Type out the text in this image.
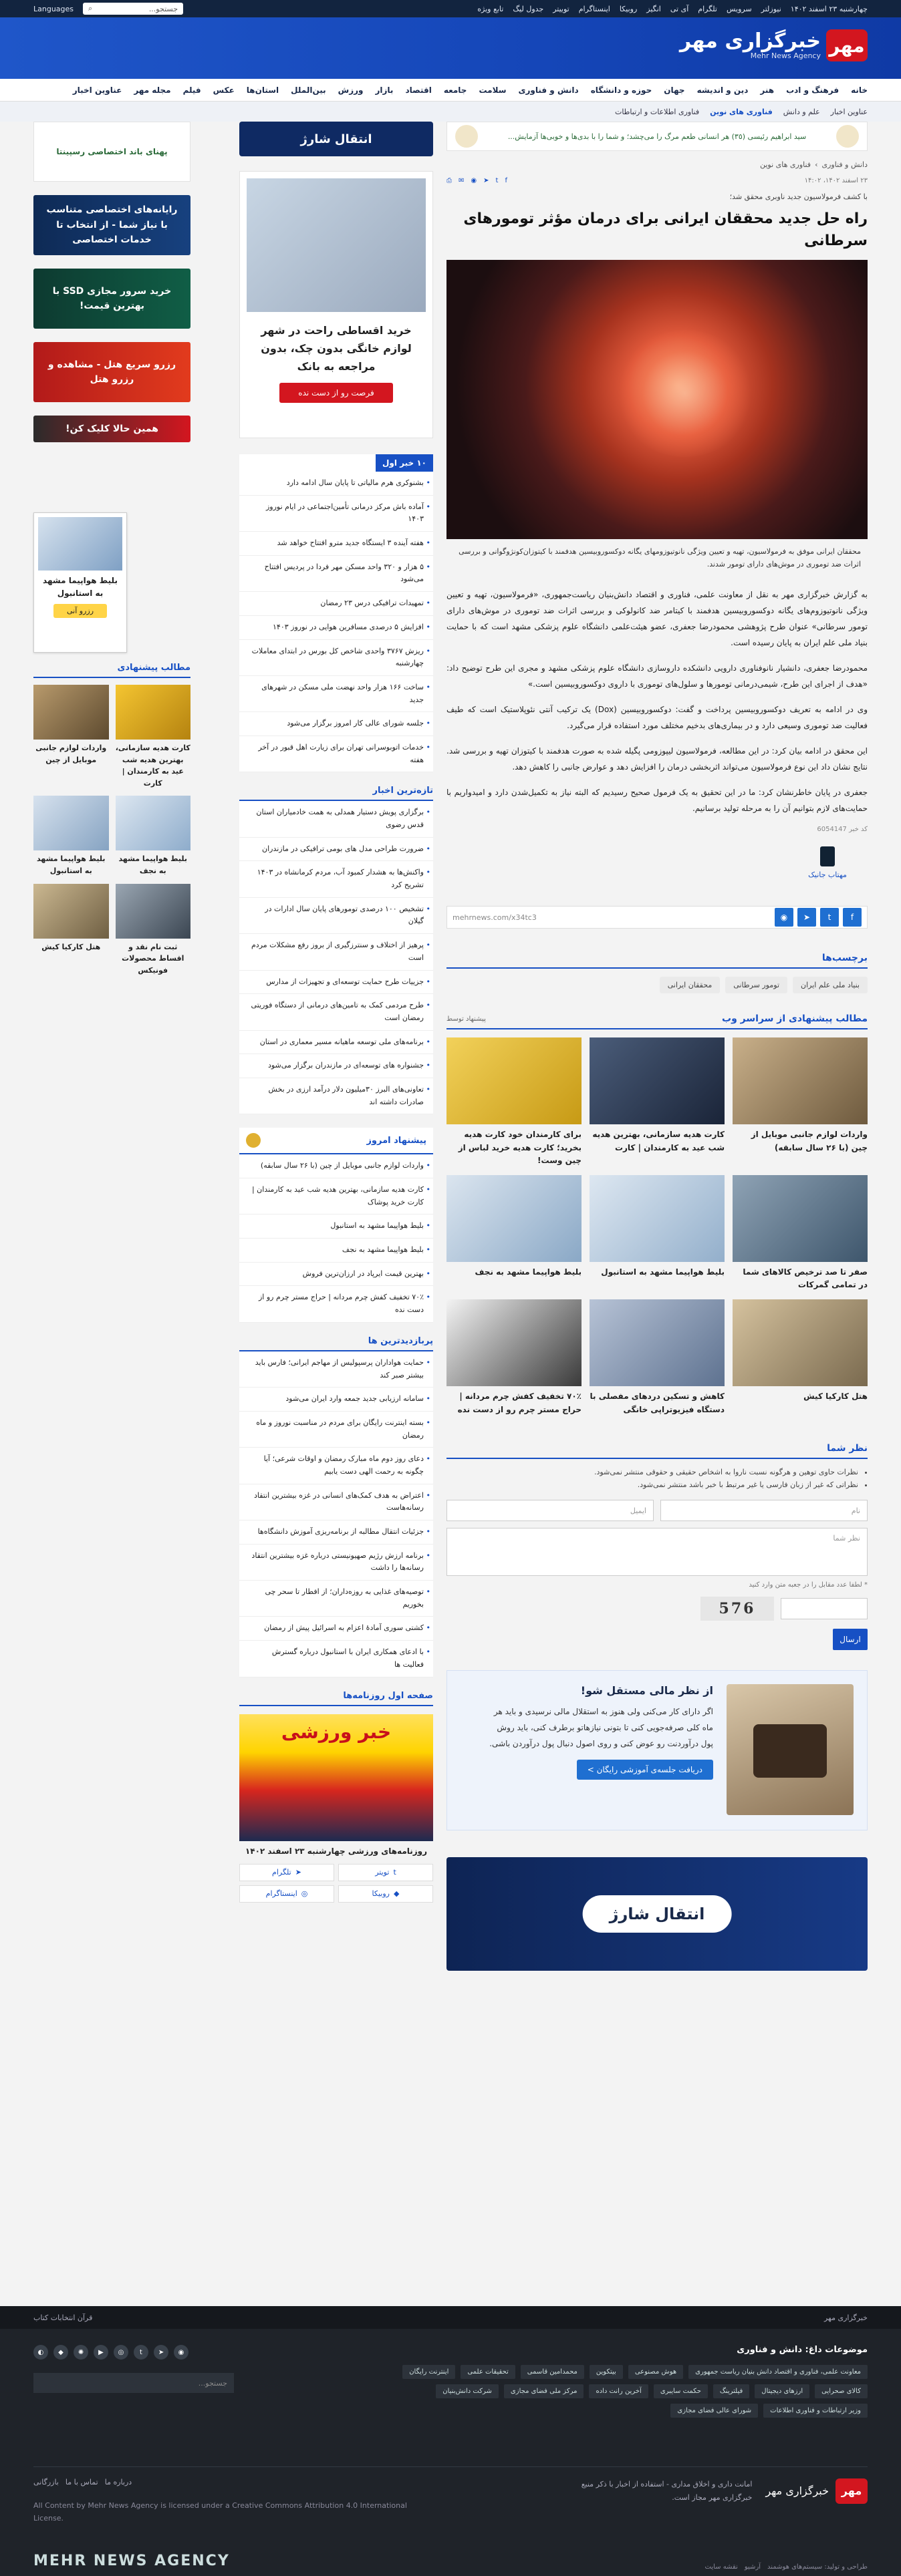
چهارشنبه ۲۳ اسفند ۱۴۰۲
نیوزلتر
سرویس
تلگرام
آی تی
انگیز
روبیکا
اینستاگرام
توییتر
جدول لیگ
تابع ویژه
جستجو...
⌕
Languages
مهر
خبرگزاری مهر
Mehr News Agency
خانه
فرهنگ و ادب
هنر
دین و اندیشه
جهان
حوزه و دانشگاه
دانش و فناوری
سلامت
جامعه
اقتصاد
بازار
ورزش
بین‌الملل
استان‌ها
عکس
فیلم
مجله مهر
عناوین اخبار
عناوین اخبار
علم و دانش
فناوری های نوین
فناوری اطلاعات و ارتباطات
سید ابراهیم رئیسی (٣٥) هر انسانی طعم مرگ را می‌چشد؛ و شما را با بدی‌ها و خوبی‌ها آزمایش...
دانش و فناوری
›
فناوری های نوین
۲۳ اسفند ۱۴۰۲، ۱۴:۰۲
f
t
➤
◉
✉
⎙
با کشف فرمولاسیون جدید ناوبری محقق شد؛
راه حل جدید محققان ایرانی برای درمان مؤثر تومورهای سرطانی
محققان ایرانی موفق به فرمولاسیون، تهیه و تعیین ویژگی نانوتیوزومهای یگانه دوکسوروبیسین هدفمند با کیتوزان‌کونژوگوانی و بررسی اثرات ضد توموری در موش‌های دارای تومور شدند.

به گزارش خبرگزاری مهر به نقل از معاونت علمی، فناوری و اقتصاد دانش‌بنیان ریاست‌جمهوری، «فرمولاسیون، تهیه و تعیین ویژگی نانوتیوزوم‌های یگانه دوکسوروبیسین هدفمند با کیتامر ضد کانولوکی و بررسی اثرات ضد توموری در موش‌های دارای تومور سرطانی» عنوان طرح پژوهشی محمودرضا جعفری، عضو هیئت‌علمی دانشگاه علوم پزشکی مشهد است که با حمایت بنیاد ملی علم ایران به پایان رسیده است.

محمودرضا جعفری، دانشیار نانوفناوری دارویی دانشکده داروسازی دانشگاه علوم پزشکی مشهد و مجری این طرح توضیح داد: «هدف از اجرای این طرح، شیمی‌درمانی تومورها و سلول‌های توموری با داروی دوکسوروبیسین است.»

وی در ادامه به تعریف دوکسوروبیسین پرداخت و گفت: دوکسوروبیسین (Dox) یک ترکیب آنتی نئوپلاستیک است که طیف فعالیت ضد توموری وسیعی دارد و در بیماری‌های بدخیم مختلف مورد استفاده قرار می‌گیرد.

این محقق در ادامه بیان کرد: در این مطالعه، فرمولاسیون لیپوزومی پگیله شده به صورت هدفمند با کیتوزان تهیه و بررسی شد. نتایج نشان داد این نوع فرمولاسیون می‌تواند اثربخشی درمان را افزایش دهد و عوارض جانبی را کاهش دهد.

جعفری در پایان خاطرنشان کرد: ما در این تحقیق به یک فرمول صحیح رسیدیم که البته نیاز به تکمیل‌شدن دارد و امیدواریم با حمایت‌های لازم بتوانیم آن را به مرحله تولید برسانیم.

کد خبر 6054147
مهتاب جانیک
f
t
➤
◉
mehrnews.com/x34tc3
برچسب‌ها
بنیاد ملی علم ایران
تومور سرطانی
محققان ایرانی
مطالب پیشنهادی از سراسر وب
پیشنهاد توسط
واردات لوازم جانبی موبایل از چین (با ۲۶ سال سابقه)
کارت هدیه سازمانی، بهترین هدیه شب عید به کارمندان | کارت
برای کارمندان خود کارت هدیه بخرید؛ کارت هدیه خرید لباس از چین وست!
صفر تا صد ترخیص کالاهای شما در تمامی گمرکات
بلیط هواپیما مشهد به استانبول
بلیط هواپیما مشهد به نجف
هتل کارکیا کیش
کاهش و تسکین دردهای مفصلی با دستگاه فیزیوتراپی خانگی
۷۰٪ تخفیف کفش چرم مردانه | حراج مستر چرم رو از دست نده
نظر شما
• نظرات حاوی توهین و هرگونه نسبت ناروا به اشخاص حقیقی و حقوقی منتشر نمی‌شود.
• نظراتی که غیر از زبان فارسی یا غیر مرتبط با خبر باشد منتشر نمی‌شود.
نام
ایمیل
نظر شما
* لطفا عدد مقابل را در جعبه متن وارد کنید
576
ارسال
از نظر مالی مستقل شو!

اگر دارای کار می‌کنی ولی هنوز به استقلال مالی نرسیدی و باید هر ماه کلی صرفه‌جویی کنی تا بتونی نیازهاتو برطرف کنی، باید روش پول درآوردنت رو عوض کنی و روی اصول دنبال پول درآوردن باشی.

دریافت جلسه‌ی آموزشی رایگان >
انتقال شارژ
انتقال شارژ
خرید اقساطی راحت در شهر لوازم خانگی بدون چک، بدون مراجعه به بانک
فرصت رو از دست نده
۱۰ خبر اول
• بشنوکری هرم مالیاتی تا پایان سال ادامه دارد
• آماده باش مرکز درمانی تأمین‌اجتماعی در ایام نوروز ۱۴۰۳
• هفته آینده ۳ ایستگاه جدید مترو افتتاح خواهد شد
• ۵ هزار و ۳۲۰ واحد مسکن مهر فردا در پردیس افتتاح می‌شود
• تمهیدات ترافیکی درس ۲۳ رمضان
• افزایش ۵ درصدی مسافرین هوایی در نوروز ۱۴۰۳
• ریزش ۳۷۶۷ واحدی شاخص کل بورس در ابتدای معاملات چهارشنبه
• ساخت ۱۶۶ هزار واحد نهضت ملی مسکن در شهرهای جدید
• جلسه شورای عالی کار امروز برگزار می‌شود
• خدمات اتوبوسرانی تهران برای زیارت اهل قبور در آخر هفته
تازه‌ترین اخبار
• برگزاری پویش دستیار همدلی به همت خادمیاران استان قدس رضوی
• ضرورت طراحی مدل های بومی ترافیکی در مازندران
• واکنش‌ها به هشدار کمبود آب، مردم کرمانشاه در ۱۴۰۳ تشریح کرد
• تشخیص ۱۰۰ درصدی تومورهای پایان سال ادارات در گیلان
• پرهیز از اختلاف و سنترزگیری از بروز رفع مشکلات مردم است
• جزییات طرح حمایت توسعه‌ای و تجهیزات از مدارس
• طرح مردمی کمک به تامین‌های درمانی از دستگاه فوریتی رمضان است
• برنامه‌های ملی توسعه ماهیانه مسیر معماری در استان
• جشنواره های توسعه‌ای در مازندران برگزار می‌شود
• تعاونی‌های البرز ۳۰میلیون دلار درآمد ارزی در بخش صادرات داشته اند
پیشنهاد امروز
• واردات لوازم جانبی موبایل از چین (با ۲۶ سال سابقه)
• کارت هدیه سازمانی، بهترین هدیه شب عید به کارمندان | کارت خرید پوشاک
• بلیط هواپیما مشهد به استانبول
• بلیط هواپیما مشهد به نجف
• بهترین قیمت ایرپاد در ارزان‌ترین فروش
• ۷۰٪ تخفیف کفش چرم مردانه | حراج مستر چرم رو از دست نده
پربازدیدترین ها
• حمایت هواداران پرسپولیس از مهاجم ایرانی؛ فارس باید بیشتر صبر کند
• سامانه ارزیابی جدید جمعه وارد ایران می‌شود
• بسته اینترنت رایگان برای مردم در مناسبت نوروز و ماه رمضان
• دعای روز دوم ماه مبارک رمضان و اوقات شرعی؛ آیا چگونه به رحمت الهی دست یابیم
• اعتراض به هدف کمک‌های انسانی در غزه بیشترین انتقاد رسانه‌هاست
• جزئیات انتقال مطالبه از برنامه‌ریزی آموزش دانشگاه‌ها
• برنامه ارزش رژیم صهیونیستی درباره غزه بیشترین انتقاد رسانه‌ها را داشت
• توصیه‌های غذایی به روزه‌داران؛ از افطار تا سحر چی بخوریم
• کشتی سوری آمادهٔ اعزام به اسرائیل پیش از رمضان
• با ادعای همکاری ایران با استانبول درباره گسترش فعالیت ها
صفحه اول روزنامه‌ها
خبر ورزشی
روزنامه‌های ورزشی چهارشنبه ۲۳ اسفند ۱۴۰۲
t
تویتر
➤
تلگرام
◆
روبیکا
◎
اینستاگرام
پهنای باند اختصاصی رسپینتا
رایانه‌های اختصاصی متناسب با نیاز شما - از انتخاب تا خدمات اختصاصی
خرید سرور مجازی SSD با بهترین قیمت!
رزرو سریع هتل - مشاهده و رزرو هتل
همین حالا کلیک کن!
بلیط هواپیما مشهد به استانبول
رزرو آنی
مطالب پیشنهادی
کارت هدیه سازمانی، بهترین هدیه شب عید به کارمندان | کارت
واردات لوازم جانبی موبایل از چین
بلیط هواپیما مشهد به نجف
بلیط هواپیما مشهد به استانبول
ثبت نام نقد و اقساط محصولات فونیکس
هتل کارکیا کیش
خبرگزاری مهر
قرآن انتخابات کتاب
موضوعات داغ: دانش و فناوری
معاونت علمی، فناوری و اقتصاد دانش بنیان ریاست جمهوری
هوش مصنوعی
بیتکوین
محمدامین قاسمی
تحقیقات علمی
اینترنت رایگان
کالای صحرایی
ارزهای دیجیتال
فیلترینگ
حکمت سایبری
آخرین رانت داده
مرکز ملی فضای مجازی
شرکت دانش‌بنیان
وزیر ارتباطات و فناوری اطلاعات
شورای عالی فضای مجازی
◉
➤
t
◎
▶
✺
◆
◐
جستجو...
مهر
خبرگزاری مهر
امانت داری و اخلاق مداری - استفاده از اخبار با ذکر منبع خبرگزاری مهر مجاز است.
درباره ما
تماس با ما
بازرگانی
All Content by Mehr News Agency is licensed under a Creative Commons Attribution 4.0 International License.
MEHR NEWS AGENCY	طراحی و تولید: سیستم‌های هوشمند
آرشیو
نقشه سایت
